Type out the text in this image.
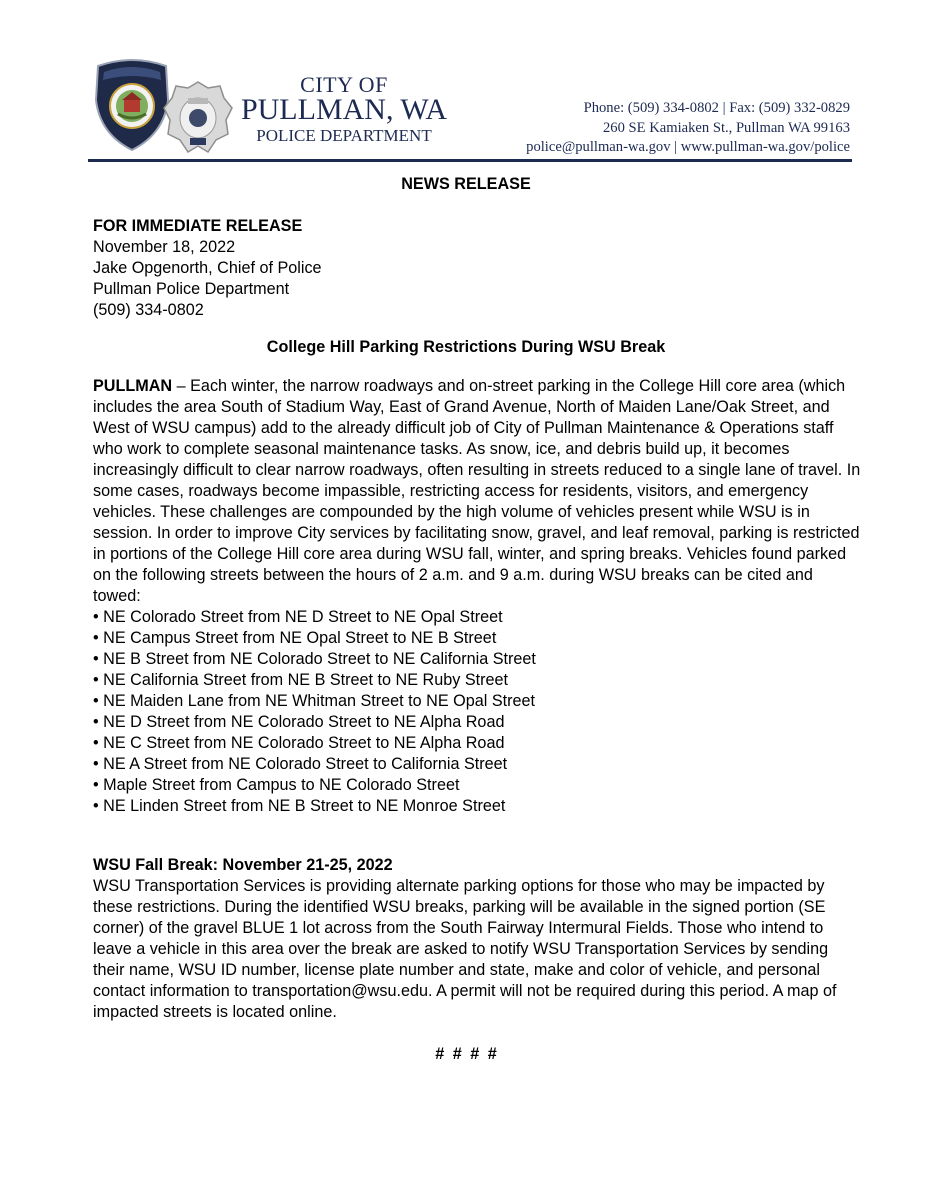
CITY OF
PULLMAN, WA
POLICE DEPARTMENT
Phone: (509) 334-0802 | Fax: (509) 332-0829
260 SE Kamiaken St., Pullman WA 99163
police@pullman-wa.gov | www.pullman-wa.gov/police
NEWS RELEASE
FOR IMMEDIATE RELEASE
November 18, 2022
Jake Opgenorth, Chief of Police
Pullman Police Department
(509) 334-0802
College Hill Parking Restrictions During WSU Break

PULLMAN – Each winter, the narrow roadways and on-street parking in the College Hill core area (which includes the area South of Stadium Way, East of Grand Avenue, North of Maiden Lane/Oak Street, and West of WSU campus) add to the already difficult job of City of Pullman Maintenance & Operations staff who work to complete seasonal maintenance tasks. As snow, ice, and debris build up, it becomes increasingly difficult to clear narrow roadways, often resulting in streets reduced to a single lane of travel. In some cases, roadways become impassible, restricting access for residents, visitors, and emergency vehicles. These challenges are compounded by the high volume of vehicles present while WSU is in session. In order to improve City services by facilitating snow, gravel, and leaf removal, parking is restricted in portions of the College Hill core area during WSU fall, winter, and spring breaks. Vehicles found parked on the following streets between the hours of 2 a.m. and 9 a.m. during WSU breaks can be cited and towed:

• NE Colorado Street from NE D Street to NE Opal Street
• NE Campus Street from NE Opal Street to NE B Street
• NE B Street from NE Colorado Street to NE California Street
• NE California Street from NE B Street to NE Ruby Street
• NE Maiden Lane from NE Whitman Street to NE Opal Street
• NE D Street from NE Colorado Street to NE Alpha Road
• NE C Street from NE Colorado Street to NE Alpha Road
• NE A Street from NE Colorado Street to California Street
• Maple Street from Campus to NE Colorado Street
• NE Linden Street from NE B Street to NE Monroe Street
WSU Fall Break: November 21-25, 2022

WSU Transportation Services is providing alternate parking options for those who may be impacted by these restrictions. During the identified WSU breaks, parking will be available in the signed portion (SE corner) of the gravel BLUE 1 lot across from the South Fairway Intermural Fields. Those who intend to leave a vehicle in this area over the break are asked to notify WSU Transportation Services by sending their name, WSU ID number, license plate number and state, make and color of vehicle, and personal contact information to transportation@wsu.edu. A permit will not be required during this period. A map of impacted streets is located online.

# # # #
